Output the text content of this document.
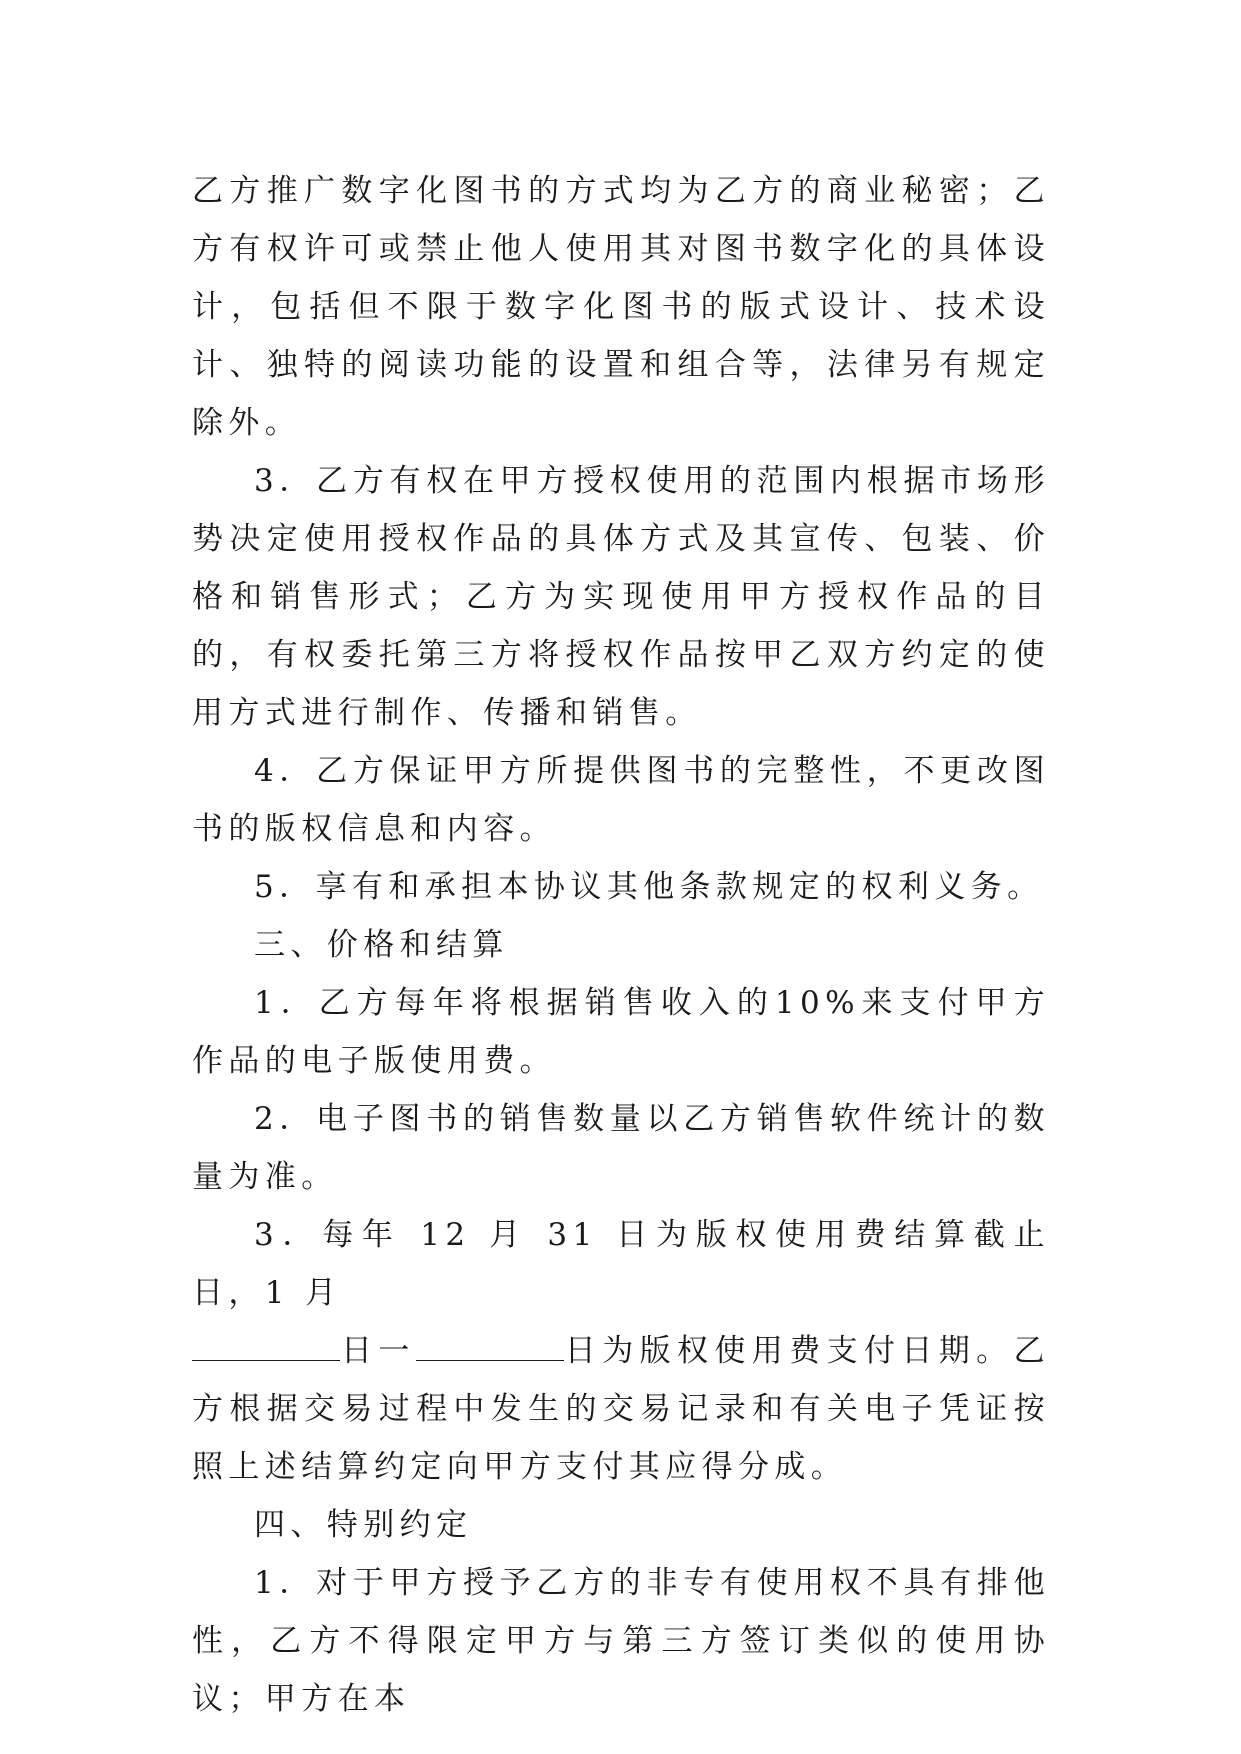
乙方推广数字化图书的方式均为乙方的商业秘密；乙方有权许可或禁止他人使用其对图书数字化的具体设计，包括但不限于数字化图书的版式设计、技术设计、独特的阅读功能的设置和组合等，法律另有规定除外。

3．乙方有权在甲方授权使用的范围内根据市场形势决定使用授权作品的具体方式及其宣传、包装、价格和销售形式；乙方为实现使用甲方授权作品的目的，有权委托第三方将授权作品按甲乙双方约定的使用方式进行制作、传播和销售。

4．乙方保证甲方所提供图书的完整性，不更改图书的版权信息和内容。

5．享有和承担本协议其他条款规定的权利义务。

三、价格和结算

1．乙方每年将根据销售收入的10%来支付甲方作品的电子版使用费。

2．电子图书的销售数量以乙方销售软件统计的数量为准。

3．每年 12 月 31 日为版权使用费结算截止日，1 月
日一	日为版权使用费支付日期。乙方根据交易过程中发生的交易记录和有关电子凭证按照上述结算约定向甲方支付其应得分成。

四、特别约定

1．对于甲方授予乙方的非专有使用权不具有排他性，乙方不得限定甲方与第三方签订类似的使用协议；甲方在本
